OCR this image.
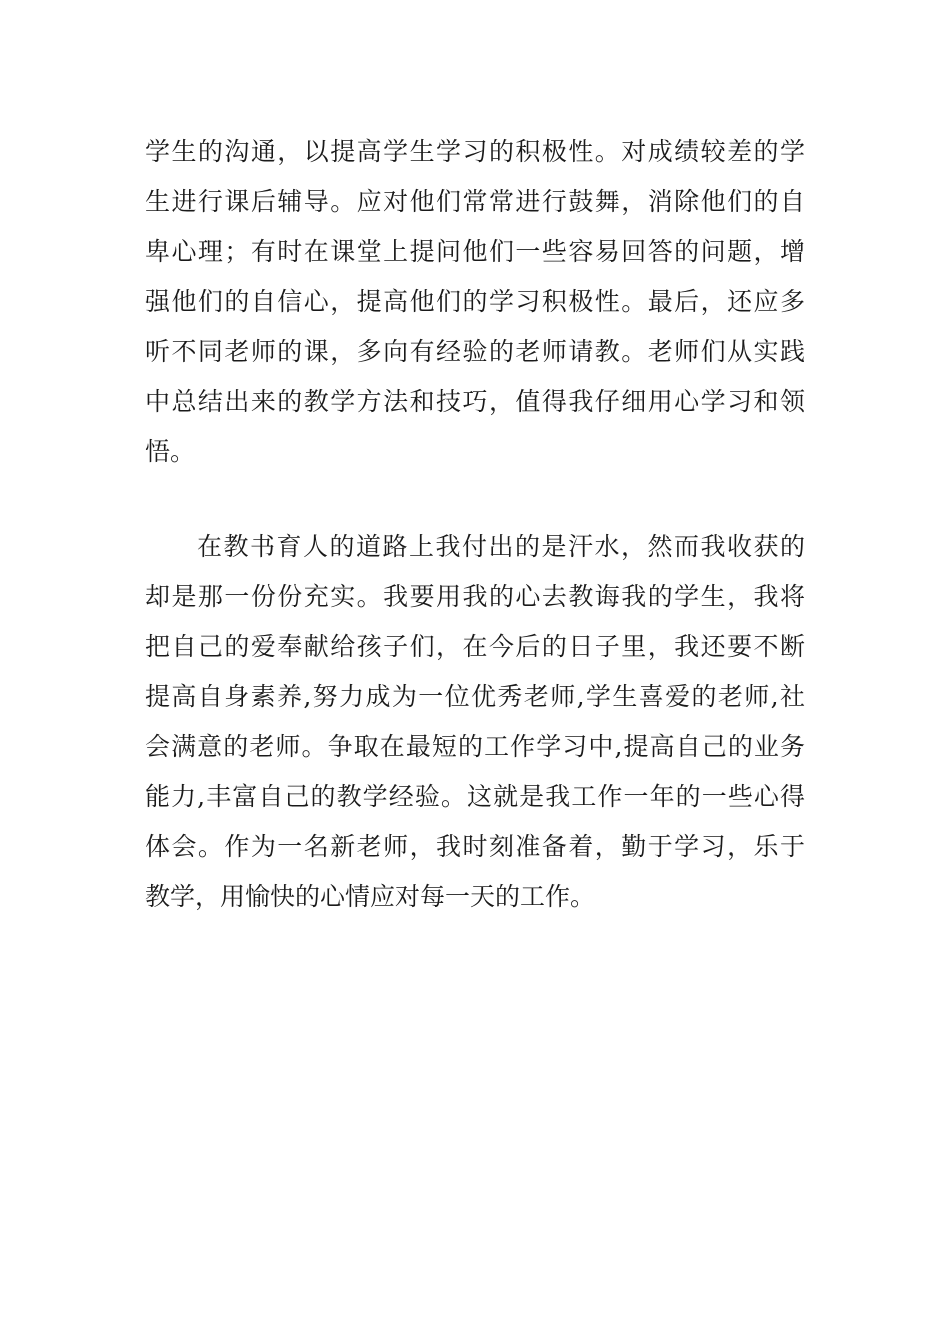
学生的沟通，以提高学生学习的积极性。对成绩较差的学
生进行课后辅导。应对他们常常进行鼓舞，消除他们的自
卑心理；有时在课堂上提问他们一些容易回答的问题，增
强他们的自信心，提高他们的学习积极性。最后，还应多
听不同老师的课，多向有经验的老师请教。老师们从实践
中总结出来的教学方法和技巧，值得我仔细用心学习和领
悟。
在教书育人的道路上我付出的是汗水，然而我收获的
却是那一份份充实。我要用我的心去教诲我的学生，我将
把自己的爱奉献给孩子们，在今后的日子里，我还要不断
提高自身素养,努力成为一位优秀老师,学生喜爱的老师,社
会满意的老师。争取在最短的工作学习中,提高自己的业务
能力,丰富自己的教学经验。这就是我工作一年的一些心得
体会。作为一名新老师，我时刻准备着，勤于学习，乐于
教学，用愉快的心情应对每一天的工作。
